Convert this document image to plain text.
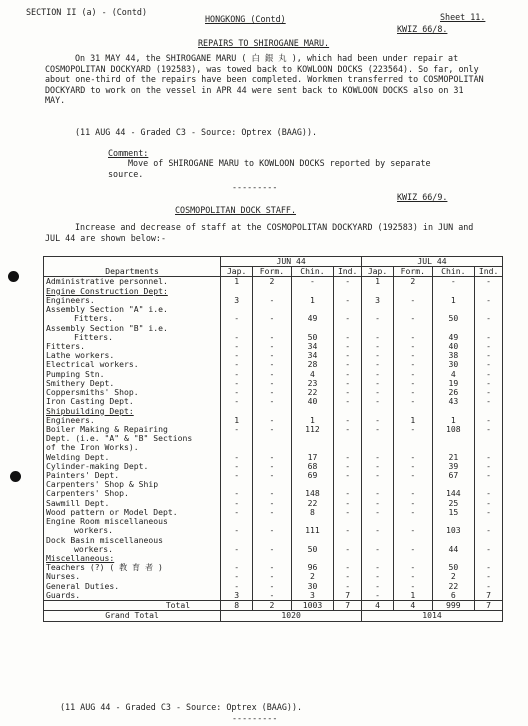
SECTION II (a) - (Contd)
HONGKONG (Contd)	Sheet 11.
KWIZ 66/8.
REPAIRS TO SHIROGANE MARU.
On 31 MAY 44, the SHIROGANE MARU ( 白 銀 丸 ), which had been under repair at COSMOPOLITAN DOCKYARD (192583), was towed back to KOWLOON DOCKS (223564). So far, only about one-third of the repairs have been completed. Workmen transferred to COSMOPOLITAN DOCKYARD to work on the vessel in APR 44 were sent back to KOWLOON DOCKS also on 31 MAY.
(11 AUG 44 - Graded C3 - Source: Optrex (BAAG)).
Comment:
Move of SHIROGANE MARU to KOWLOON DOCKS reported by separate source.
---------
KWIZ 66/9.
COSMOPOLITAN DOCK STAFF.
Increase and decrease of staff at the COSMOPOLITAN DOCKYARD (192583) in JUN and JUL 44 are shown below:-
Departments	JUN 44				JUL 44			
	Jap.	Form.	Chin.	Ind.	Jap.	Form.	Chin.	Ind.
Administrative personnel.	1	2	-	-	1	2	-	-
Engine Construction Dept:								
Engineers.	3	-	1	-	3	-	1	-
Assembly Section "A" i.e.								
Fitters.	-	-	49	-	-	-	50	-
Assembly Section "B" i.e.								
Fitters.	-	-	50	-	-	-	49	-
Fitters.	-	-	34	-	-	-	40	-
Lathe workers.	-	-	34	-	-	-	38	-
Electrical workers.	-	-	28	-	-	-	30	-
Pumping Stn.	-	-	4	-	-	-	4	-
Smithery Dept.	-	-	23	-	-	-	19	-
Coppersmiths' Shop.	-	-	22	-	-	-	26	-
Iron Casting Dept.	-	-	40	-	-	-	43	-
Shipbuilding Dept:								
Engineers.	1	-	1	-	-	1	1	-
Boiler Making & Repairing	-	-	112	-	-	-	108	-
Dept. (i.e. "A" & "B" Sections								
of the Iron Works).								
Welding Dept.	-	-	17	-	-	-	21	-
Cylinder-making Dept.	-	-	68	-	-	-	39	-
Painters' Dept.	-	-	69	-	-	-	67	-
Carpenters' Shop & Ship								
Carpenters' Shop.	-	-	148	-	-	-	144	-
Sawmill Dept.	-	-	22	-	-	-	25	-
Wood pattern or Model Dept.	-	-	8	-	-	-	15	-
Engine Room miscellaneous								
workers.	-	-	111	-	-	-	103	-
Dock Basin miscellaneous								
workers.	-	-	50	-	-	-	44	-
Miscellaneous:								
Teachers (?) ( 教 育 者 )	-	-	96	-	-	-	50	-
Nurses.	-	-	2	-	-	-	2	-
General Duties.	-	-	30	-	-	-	22	-
Guards.	3	-	3	7	-	1	6	7
Total	8	2	1003	7	4	4	999	7
Grand Total	1020				1014			
(11 AUG 44 - Graded C3 - Source: Optrex (BAAG)).
---------
